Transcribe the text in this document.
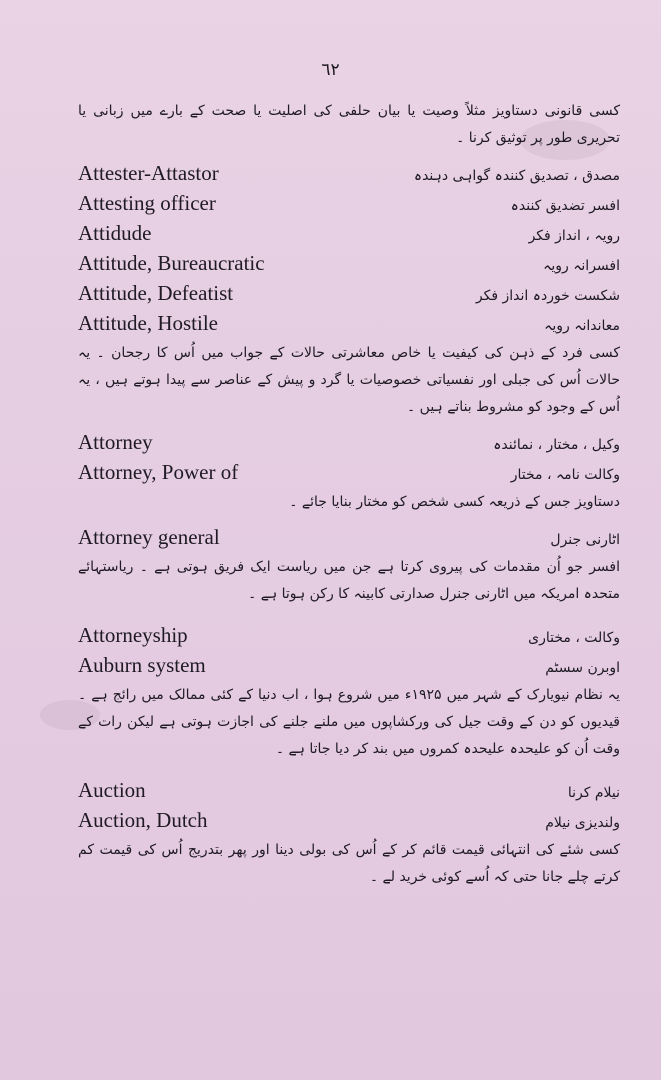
٦٢
کسی قانونی دستاویز مثلاً وصیت یا بیان حلفی کی اصلیت یا صحت کے بارے میں زبانی یا تحریری طور پر توثیق کرنا ۔
Attester-Attastor	مصدق ، تصدیق کنندہ گواہی دہندہ
Attesting officer	افسر تضدیق کنندہ
Attidude	رویہ ، انداز فکر
Attitude, Bureaucratic	افسرانہ رویہ
Attitude, Defeatist	شکست خوردہ انداز فکر
Attitude, Hostile	معاندانہ رویہ
کسی فرد کے ذہن کی کیفیت یا خاص معاشرتی حالات کے جواب میں اُس کا رجحان ۔ یہ حالات اُس کی جبلی اور نفسیاتی خصوصیات یا گرد و پیش کے عناصر سے پیدا ہوتے ہیں ، یہ اُس کے وجود کو مشروط بناتے ہیں ۔
Attorney	وکیل ، مختار ، نمائندہ
Attorney, Power of	وکالت نامہ ، مختار
دستاویز جس کے ذریعہ کسی شخص کو مختار بنایا جائے ۔
Attorney general	اٹارنی جنرل
افسر جو اُن مقدمات کی پیروی کرتا ہے جن میں ریاست ایک فریق ہوتی ہے ۔ ریاستہائے متحدہ امریکہ میں اٹارنی جنرل صدارتی کابینہ کا رکن ہوتا ہے ۔
Attorneyship	وکالت ، مختاری
Auburn system	اوبرن سسٹم
یہ نظام نیویارک کے شہر میں ۱۹۲۵ء میں شروع ہوا ، اب دنیا کے کئی ممالک میں رائج ہے ۔ قیدیوں کو دن کے وقت جیل کی ورکشاپوں میں ملنے جلنے کی اجازت ہوتی ہے لیکن رات کے وقت اُن کو علیحدہ علیحدہ کمروں میں بند کر دیا جاتا ہے ۔
Auction	نیلام کرنا
Auction, Dutch	ولندیزی نیلام
کسی شئے کی انتہائی قیمت قائم کر کے اُس کی بولی دینا اور پھر بتدریج اُس کی قیمت کم کرتے چلے جانا حتی کہ اُسے کوئی خرید لے ۔
